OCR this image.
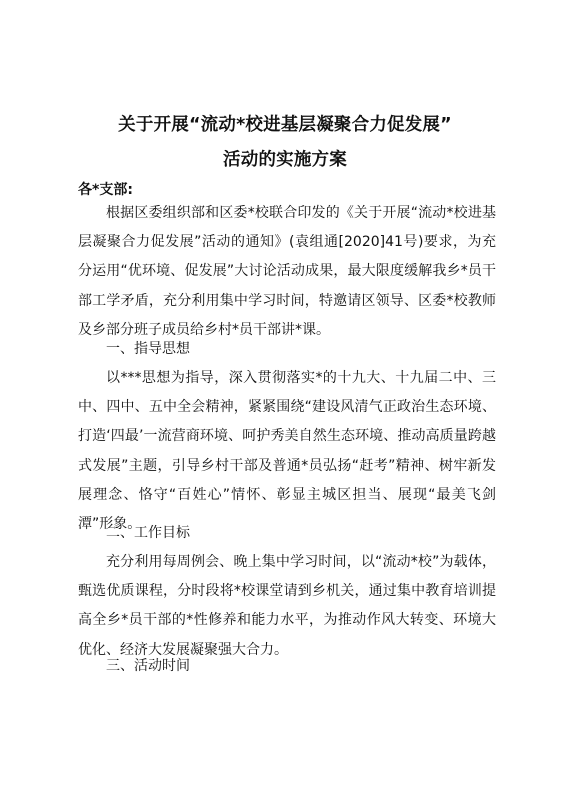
关于开展“流动*校进基层凝聚合力促发展”
活动的实施方案
各*支部:

根据区委组织部和区委*校联合印发的《关于开展“流动*校进基层凝聚合力促发展”活动的通知》(袁组通[2020]41号)要求，为充分运用“优环境、促发展”大讨论活动成果，最大限度缓解我乡*员干部工学矛盾，充分利用集中学习时间，特邀请区领导、区委*校教师及乡部分班子成员给乡村*员干部讲*课。

一、指导思想

以***思想为指导，深入贯彻落实*的十九大、十九届二中、三中、四中、五中全会精神，紧紧围绕“建设风清气正政治生态环境、打造‘四最’一流营商环境、呵护秀美自然生态环境、推动高质量跨越式发展”主题，引导乡村干部及普通*员弘扬“赶考”精神、树牢新发展理念、恪守“百姓心”情怀、彰显主城区担当、展现“最美飞剑潭”形象。

二、工作目标

充分利用每周例会、晚上集中学习时间，以“流动*校”为载体，甄选优质课程，分时段将*校课堂请到乡机关，通过集中教育培训提高全乡*员干部的*性修养和能力水平，为推动作风大转变、环境大优化、经济大发展凝聚强大合力。

三、活动时间
